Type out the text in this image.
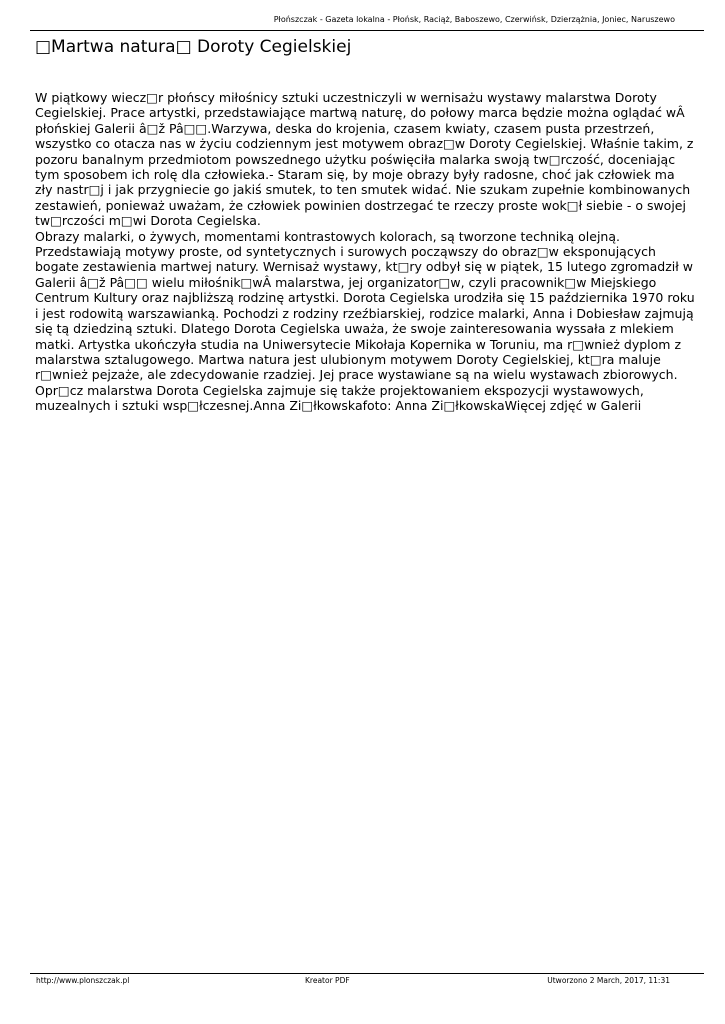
Płońszczak - Gazeta lokalna - Płońsk, Raciąż, Baboszewo, Czerwińsk, Dzierzążnia, Joniec, Naruszewo
□Martwa natura□ Doroty Cegielskiej

W piątkowy wiecz□r płońscy miłośnicy sztuki uczestniczyli w wernisażu wystawy malarstwa Doroty Cegielskiej. Prace artystki, przedstawiające martwą naturę, do połowy marca będzie można oglądać wÂ płońskiej Galerii â□ž Pâ□□.Warzywa, deska do krojenia, czasem kwiaty, czasem pusta przestrzeń, wszystko co otacza nas w życiu codziennym jest motywem obraz□w Doroty Cegielskiej. Właśnie takim, z pozoru banalnym przedmiotom powszednego użytku poświęciła malarka swoją tw□rczość, doceniając tym sposobem ich rolę dla człowieka.- Staram się, by moje obrazy były radosne, choć jak człowiek ma zły nastr□j i jak przygniecie go jakiś smutek, to ten smutek widać. Nie szukam zupełnie kombinowanych zestawień, ponieważ uważam, że człowiek powinien dostrzegać te rzeczy proste wok□ł siebie - o swojej tw□rczości m□wi Dorota Cegielska.

Obrazy malarki, o żywych, momentami kontrastowych kolorach, są tworzone techniką olejną. Przedstawiają motywy proste, od syntetycznych i surowych począwszy do obraz□w eksponujących bogate zestawienia martwej natury. Wernisaż wystawy, kt□ry odbył się w piątek, 15 lutego zgromadził w Galerii â□ž Pâ□□ wielu miłośnik□wÂ malarstwa, jej organizator□w, czyli pracownik□w Miejskiego Centrum Kultury oraz najbliższą rodzinę artystki. Dorota Cegielska urodziła się 15 października 1970 roku i jest rodowitą warszawianką. Pochodzi z rodziny rzeźbiarskiej, rodzice malarki, Anna i Dobiesław zajmują się tą dziedziną sztuki. Dlatego Dorota Cegielska uważa, że swoje zainteresowania wyssała z mlekiem matki. Artystka ukończyła studia na Uniwersytecie Mikołaja Kopernika w Toruniu, ma r□wnież dyplom z malarstwa sztalugowego. Martwa natura jest ulubionym motywem Doroty Cegielskiej, kt□ra maluje r□wnież pejzaże, ale zdecydowanie rzadziej. Jej prace wystawiane są na wielu wystawach zbiorowych. Opr□cz malarstwa Dorota Cegielska zajmuje się także projektowaniem ekspozycji wystawowych, muzealnych i sztuki wsp□łczesnej.Anna Zi□łkowskafoto: Anna Zi□łkowskaWięcej zdjęć w Galerii

http://www.plonszczak.pl	Kreator PDF	Utworzono 2 March, 2017, 11:31
